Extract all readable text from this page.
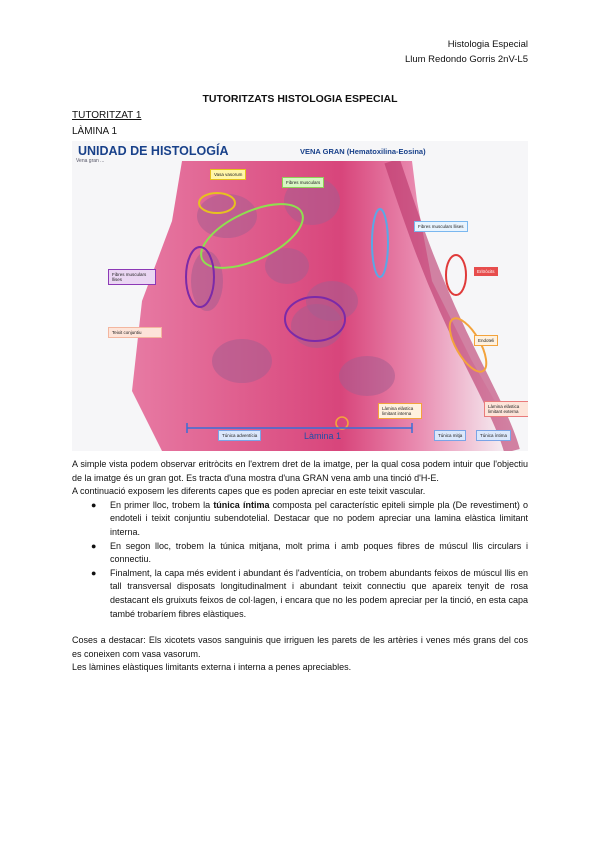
Histologia Especial
Llum Redondo Gorris 2nV-L5
TUTORITZATS HISTOLOGIA ESPECIAL
TUTORITZAT 1
LÀMINA 1
UNIDAD DE HISTOLOGÍA	VENA GRAN (Hematoxilina-Eosina)
Vena gran ...
Vasa vasorum
Fibres musculars
Fibres musculars llises
Fibres musculars llises
Teixit conjuntiu
Eritròcits
Endoteli
Làmina elàstica limitant interna
Làmina elàstica limitant externa
Túnica adventícia	Túnica mitja	Túnica íntima
Làmina 1

A simple vista podem observar eritròcits en l'extrem dret de la imatge, per la qual cosa podem intuir que l'objectiu de la imatge és un gran got. Es tracta d'una mostra d'una GRAN vena amb una tinció d'H-E.

A continuació exposem les diferents capes que es poden apreciar en este teixit vascular.

● En primer lloc, trobem la túnica íntima composta pel característic epiteli simple pla (De revestiment) o endoteli i teixit conjuntiu subendotelial. Destacar que no podem apreciar una lamina elàstica limitant interna.
● En segon lloc, trobem la túnica mitjana, molt prima i amb poques fibres de múscul llis circulars i connectiu.
● Finalment, la capa més evident i abundant és l'adventícia, on trobem abundants feixos de múscul llis en tall transversal disposats longitudinalment i abundant teixit connectiu que apareix tenyit de rosa destacant els gruixuts feixos de col·lagen, i encara que no les podem apreciar per la tinció, en esta capa també trobaríem fibres elàstiques.

Coses a destacar: Els xicotets vasos sanguinis que irriguen les parets de les artèries i venes més grans del cos es coneixen com vasa vasorum.

Les làmines elàstiques limitants externa i interna a penes apreciables.
